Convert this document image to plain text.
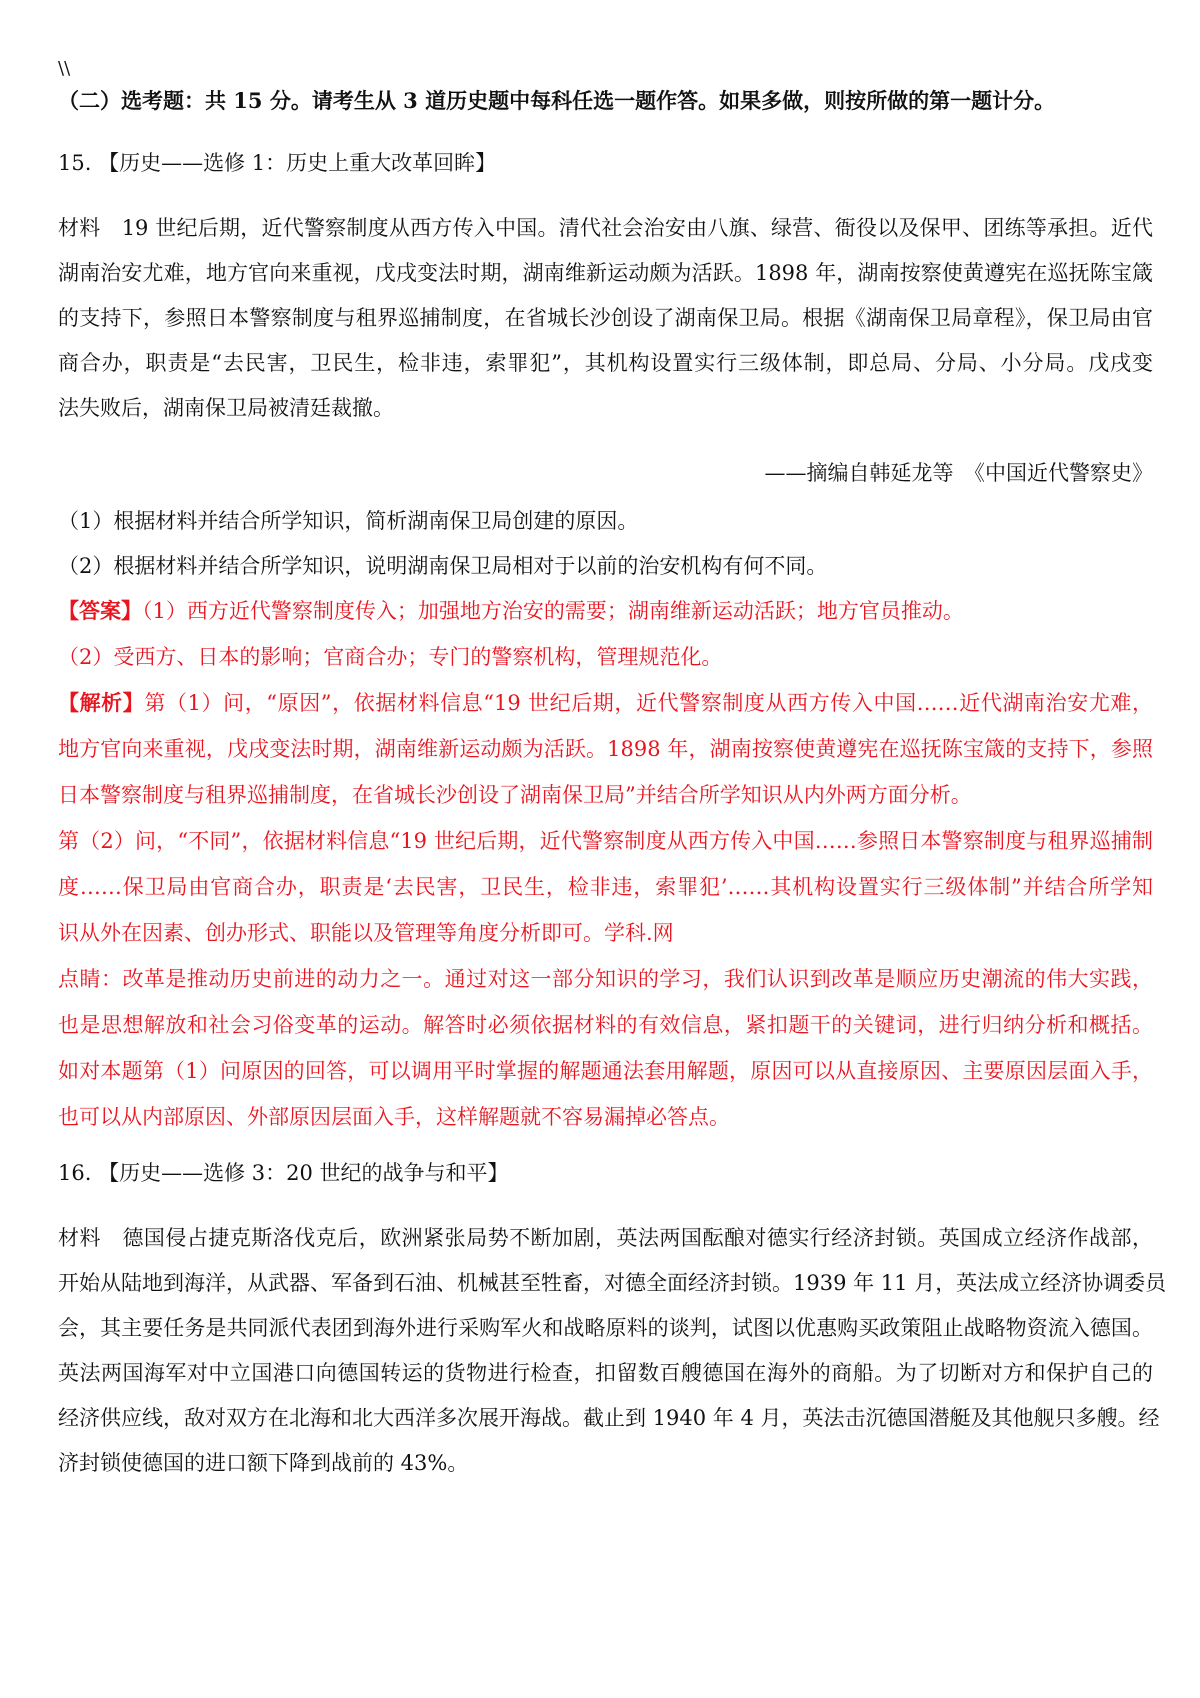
\\
（二）选考题：共 15 分。请考生从 3 道历史题中每科任选一题作答。如果多做，则按所做的第一题计分。
15. 【历史——选修 1：历史上重大改革回眸】
材料　19 世纪后期，近代警察制度从西方传入中国。清代社会治安由八旗、绿营、衙役以及保甲、团练等承担。近代
湖南治安尤难，地方官向来重视，戊戌变法时期，湖南维新运动颇为活跃。1898 年，湖南按察使黄遵宪在巡抚陈宝箴
的支持下，参照日本警察制度与租界巡捕制度，在省城长沙创设了湖南保卫局。根据《湖南保卫局章程》，保卫局由官
商合办，职责是“去民害，卫民生，检非违，索罪犯”，其机构设置实行三级体制，即总局、分局、小分局。戊戌变
法失败后，湖南保卫局被清廷裁撤。
——摘编自韩延龙等　《中国近代警察史》
（1）根据材料并结合所学知识，简析湖南保卫局创建的原因。
（2）根据材料并结合所学知识，说明湖南保卫局相对于以前的治安机构有何不同。
【答案】（1）西方近代警察制度传入；加强地方治安的需要；湖南维新运动活跃；地方官员推动。
（2）受西方、日本的影响；官商合办；专门的警察机构，管理规范化。
【解析】第（1）问，“原因”，依据材料信息“19 世纪后期，近代警察制度从西方传入中国……近代湖南治安尤难，
地方官向来重视，戊戌变法时期，湖南维新运动颇为活跃。1898 年，湖南按察使黄遵宪在巡抚陈宝箴的支持下，参照
日本警察制度与租界巡捕制度，在省城长沙创设了湖南保卫局”并结合所学知识从内外两方面分析。
第（2）问，“不同”，依据材料信息“19 世纪后期，近代警察制度从西方传入中国……参照日本警察制度与租界巡捕制
度……保卫局由官商合办，职责是‘去民害，卫民生，检非违，索罪犯’……其机构设置实行三级体制”并结合所学知
识从外在因素、创办形式、职能以及管理等角度分析即可。学科.网
点睛：改革是推动历史前进的动力之一。通过对这一部分知识的学习，我们认识到改革是顺应历史潮流的伟大实践，
也是思想解放和社会习俗变革的运动。解答时必须依据材料的有效信息，紧扣题干的关键词，进行归纳分析和概括。
如对本题第（1）问原因的回答，可以调用平时掌握的解题通法套用解题，原因可以从直接原因、主要原因层面入手，
也可以从内部原因、外部原因层面入手，这样解题就不容易漏掉必答点。
16. 【历史——选修 3：20 世纪的战争与和平】
材料　德国侵占捷克斯洛伐克后，欧洲紧张局势不断加剧，英法两国酝酿对德实行经济封锁。英国成立经济作战部，
开始从陆地到海洋，从武器、军备到石油、机械甚至牲畜，对德全面经济封锁。1939 年 11 月，英法成立经济协调委员
会，其主要任务是共同派代表团到海外进行采购军火和战略原料的谈判，试图以优惠购买政策阻止战略物资流入德国。
英法两国海军对中立国港口向德国转运的货物进行检查，扣留数百艘德国在海外的商船。为了切断对方和保护自己的
经济供应线，敌对双方在北海和北大西洋多次展开海战。截止到 1940 年 4 月，英法击沉德国潜艇及其他舰只多艘。经
济封锁使德国的进口额下降到战前的 43%。
